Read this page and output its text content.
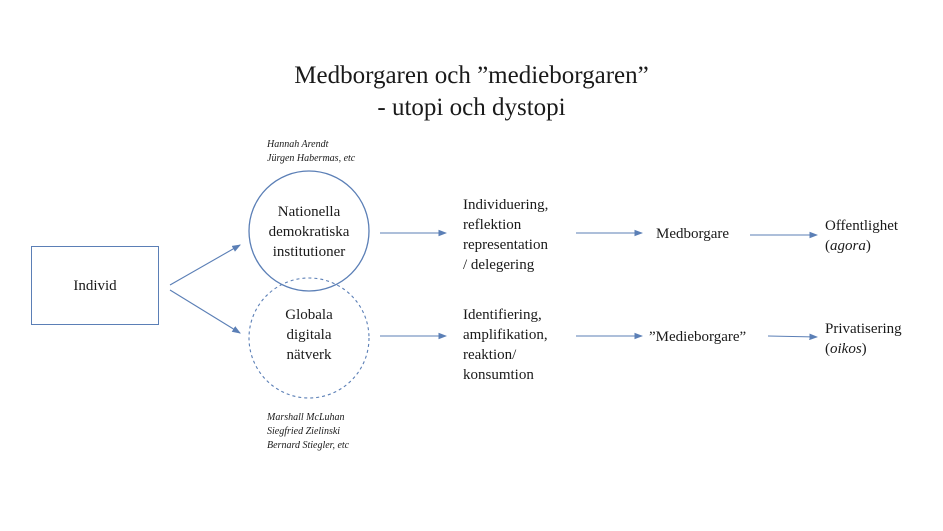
Medborgaren och ”medieborgaren”
- utopi och dystopi
Individ
Hannah Arendt
Jürgen Habermas, etc
Nationella
demokratiska
institutioner
Globala
digitala
nätverk
Marshall McLuhan
Siegfried Zielinski
Bernard Stiegler, etc
Individuering,
reflektion
representation
/ delegering
Identifiering,
amplifikation,
reaktion/
konsumtion
Medborgare
”Medieborgare”
Offentlighet
(agora)
Privatisering
(oikos)
